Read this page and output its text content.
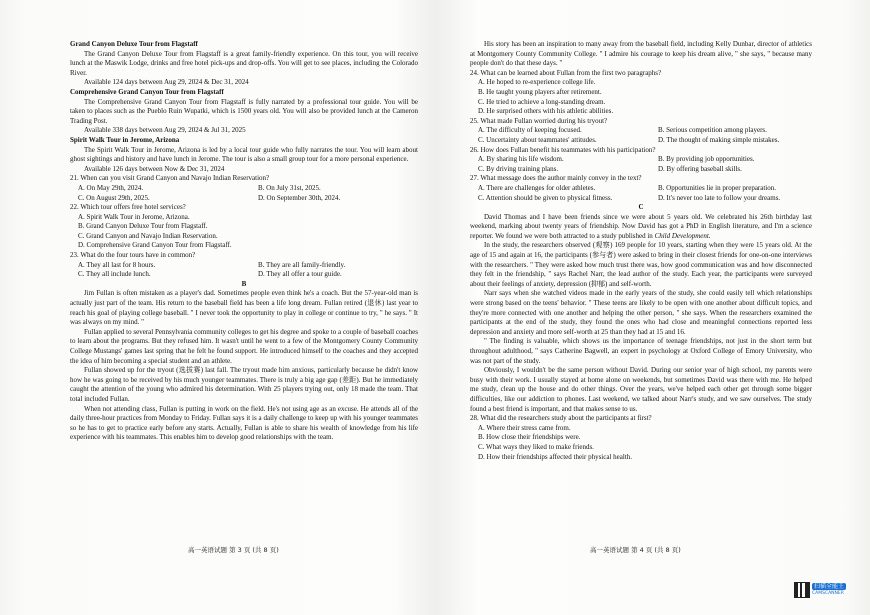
Grand Canyon Deluxe Tour from Flagstaff

The Grand Canyon Deluxe Tour from Flagstaff is a great family-friendly experience. On this tour, you will receive lunch at the Maswik Lodge, drinks and free hotel pick-ups and drop-offs. You will get to see places, including the Colorado River.

Available 124 days between Aug 29, 2024 & Dec 31, 2024

Comprehensive Grand Canyon Tour from Flagstaff

The Comprehensive Grand Canyon Tour from Flagstaff is fully narrated by a professional tour guide. You will be taken to places such as the Pueblo Ruin Wupatki, which is 1500 years old. You will also be provided lunch at the Cameron Trading Post.

Available 338 days between Aug 29, 2024 & Jul 31, 2025

Spirit Walk Tour in Jerome, Arizona

The Spirit Walk Tour in Jerome, Arizona is led by a local tour guide who fully narrates the tour. You will learn about ghost sightings and history and have lunch in Jerome. The tour is also a small group tour for a more personal experience.

Available 126 days between Now & Dec 31, 2024

21. When can you visit Grand Canyon and Navajo Indian Reservation?

A. On May 29th, 2024.	B. On July 31st, 2025.
C. On August 29th, 2025.	D. On September 30th, 2024.

22. Which tour offers free hotel services?

A. Spirit Walk Tour in Jerome, Arizona.

B. Grand Canyon Deluxe Tour from Flagstaff.

C. Grand Canyon and Navajo Indian Reservation.

D. Comprehensive Grand Canyon Tour from Flagstaff.

23. What do the four tours have in common?

A. They all last for 8 hours.	B. They are all family-friendly.
C. They all include lunch.	D. They all offer a tour guide.

B

Jim Fullan is often mistaken as a player's dad. Sometimes people even think he's a coach. But the 57-year-old man is actually just part of the team. His return to the baseball field has been a life long dream. Fullan retired (退休) last year to reach his goal of playing college baseball. " I never took the opportunity to play in college or continue to try, " he says. " It was always on my mind. "

Fullan applied to several Pennsylvania community colleges to get his degree and spoke to a couple of baseball coaches to learn about the programs. But they refused him. It wasn't until he went to a few of the Montgomery County Community College Mustangs' games last spring that he felt he found support. He introduced himself to the coaches and they accepted the idea of him becoming a special student and an athlete.

Fullan showed up for the tryout (选拔赛) last fall. The tryout made him anxious, particularly because he didn't know how he was going to be received by his much younger teammates. There is truly a big age gap (差距). But he immediately caught the attention of the young who admired his determination. With 25 players trying out, only 18 made the team. That total included Fullan.

When not attending class, Fullan is putting in work on the field. He's not using age as an excuse. He attends all of the daily three-hour practices from Monday to Friday. Fullan says it is a daily challenge to keep up with his younger teammates so he has to get to practice early before any starts. Actually, Fullan is able to share his wealth of knowledge from his life experience with his teammates. This enables him to develop good relationships with the team.

His story has been an inspiration to many away from the baseball field, including Kelly Dunbar, director of athletics at Montgomery County Community College. " I admire his courage to keep his dream alive, " she says, " because many people don't do that these days. "

24. What can be learned about Fullan from the first two paragraphs?

A. He hoped to re-experience college life.

B. He taught young players after retirement.

C. He tried to achieve a long-standing dream.

D. He surprised others with his athletic abilities.

25. What made Fullan worried during his tryout?

A. The difficulty of keeping focused.	B. Serious competition among players.
C. Uncertainty about teammates' attitudes.	D. The thought of making simple mistakes.

26. How does Fullan benefit his teammates with his participation?

A. By sharing his life wisdom.	B. By providing job opportunities.
C. By driving training plans.	D. By offering baseball skills.

27. What message does the author mainly convey in the text?

A. There are challenges for older athletes.	B. Opportunities lie in proper preparation.
C. Attention should be given to physical fitness.	D. It's never too late to follow your dreams.

C

David Thomas and I have been friends since we were about 5 years old. We celebrated his 26th birthday last weekend, marking about twenty years of friendship. Now David has got a PhD in English literature, and I'm a science reporter. We found we were both attracted to a study published in Child Development.

In the study, the researchers observed (观察) 169 people for 10 years, starting when they were 15 years old. At the age of 15 and again at 16, the participants (参与者) were asked to bring in their closest friends for one-on-one interviews with the researchers. " They were asked how much trust there was, how good communication was and how disconnected they felt in the friendship, " says Rachel Narr, the lead author of the study. Each year, the participants were surveyed about their feelings of anxiety, depression (抑郁) and self-worth.

Narr says when she watched videos made in the early years of the study, she could easily tell which relationships were strong based on the teens' behavior. " These teens are likely to be open with one another about difficult topics, and they're more connected with one another and helping the other person, " she says. When the researchers examined the participants at the end of the study, they found the ones who had close and meaningful connections reported less depression and anxiety and more self-worth at 25 than they had at 15 and 16.

" The finding is valuable, which shows us the importance of teenage friendships, not just in the short term but throughout adulthood, " says Catherine Bagwell, an expert in psychology at Oxford College of Emory University, who was not part of the study.

Obviously, I wouldn't be the same person without David. During our senior year of high school, my parents were busy with their work. I usually stayed at home alone on weekends, but sometimes David was there with me. He helped me study, clean up the house and do other things. Over the years, we've helped each other get through some bigger difficulties, like our addiction to phones. Last weekend, we talked about Narr's study, and we saw ourselves. The study found a best friend is important, and that makes sense to us.

28. What did the researchers study about the participants at first?

A. Where their stress came from.

B. How close their friendships were.

C. What ways they liked to make friends.

D. How their friendships affected their physical health.

高一英语试题 第 3 页 (共 8 页)	高一英语试题 第 4 页 (共 8 页)
扫描全能王
CAMSCANNER
